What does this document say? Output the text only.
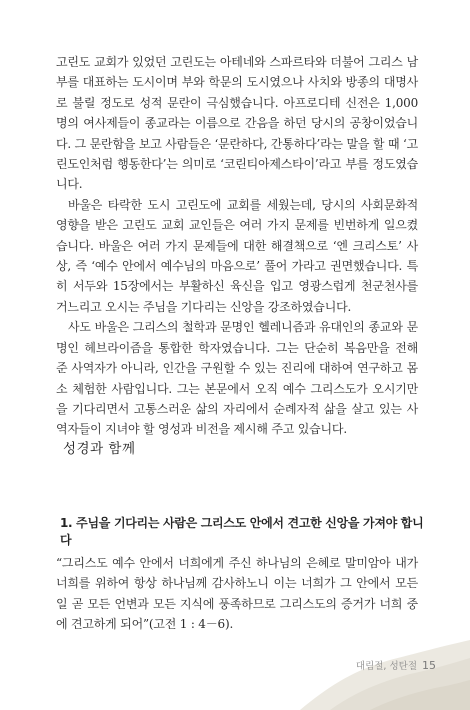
고린도 교회가 있었던 고린도는 아테네와 스파르타와 더불어 그리스 남부를 대표하는 도시이며 부와 학문의 도시였으나 사치와 방종의 대명사로 불릴 정도로 성적 문란이 극심했습니다. 아프로디테 신전은 1,000명의 여사제들이 종교라는 이름으로 간음을 하던 당시의 공창이었습니다. 그 문란함을 보고 사람들은 ‘문란하다, 간통하다’라는 말을 할 때 ‘고린도인처럼 행동한다’는 의미로 ‘코린티아제스타이’라고 부를 정도였습니다.

바울은 타락한 도시 고린도에 교회를 세웠는데, 당시의 사회문화적 영향을 받은 고린도 교회 교인들은 여러 가지 문제를 빈번하게 일으켰습니다. 바울은 여러 가지 문제들에 대한 해결책으로 ‘엔 크리스토’ 사상, 즉 ‘예수 안에서 예수님의 마음으로’ 풀어 가라고 권면했습니다. 특히 서두와 15장에서는 부활하신 육신을 입고 영광스럽게 천군천사를 거느리고 오시는 주님을 기다리는 신앙을 강조하였습니다.

사도 바울은 그리스의 철학과 문명인 헬레니즘과 유대인의 종교와 문명인 헤브라이즘을 통합한 학자였습니다. 그는 단순히 복음만을 전해 준 사역자가 아니라, 인간을 구원할 수 있는 진리에 대하여 연구하고 몸소 체험한 사람입니다. 그는 본문에서 오직 예수 그리스도가 오시기만을 기다리면서 고통스러운 삶의 자리에서 순례자적 삶을 살고 있는 사역자들이 지녀야 할 영성과 비전을 제시해 주고 있습니다.

성경과 함께
1. 주님을 기다리는 사람은 그리스도 안에서 견고한 신앙을 가져야 합니다
“그리스도 예수 안에서 너희에게 주신 하나님의 은혜로 말미암아 내가 너희를 위하여 항상 하나님께 감사하노니 이는 너희가 그 안에서 모든 일 곧 모든 언변과 모든 지식에 풍족하므로 그리스도의 증거가 너희 중에 견고하게 되어”(고전 1 : 4－6).
대림절, 성탄절 15
